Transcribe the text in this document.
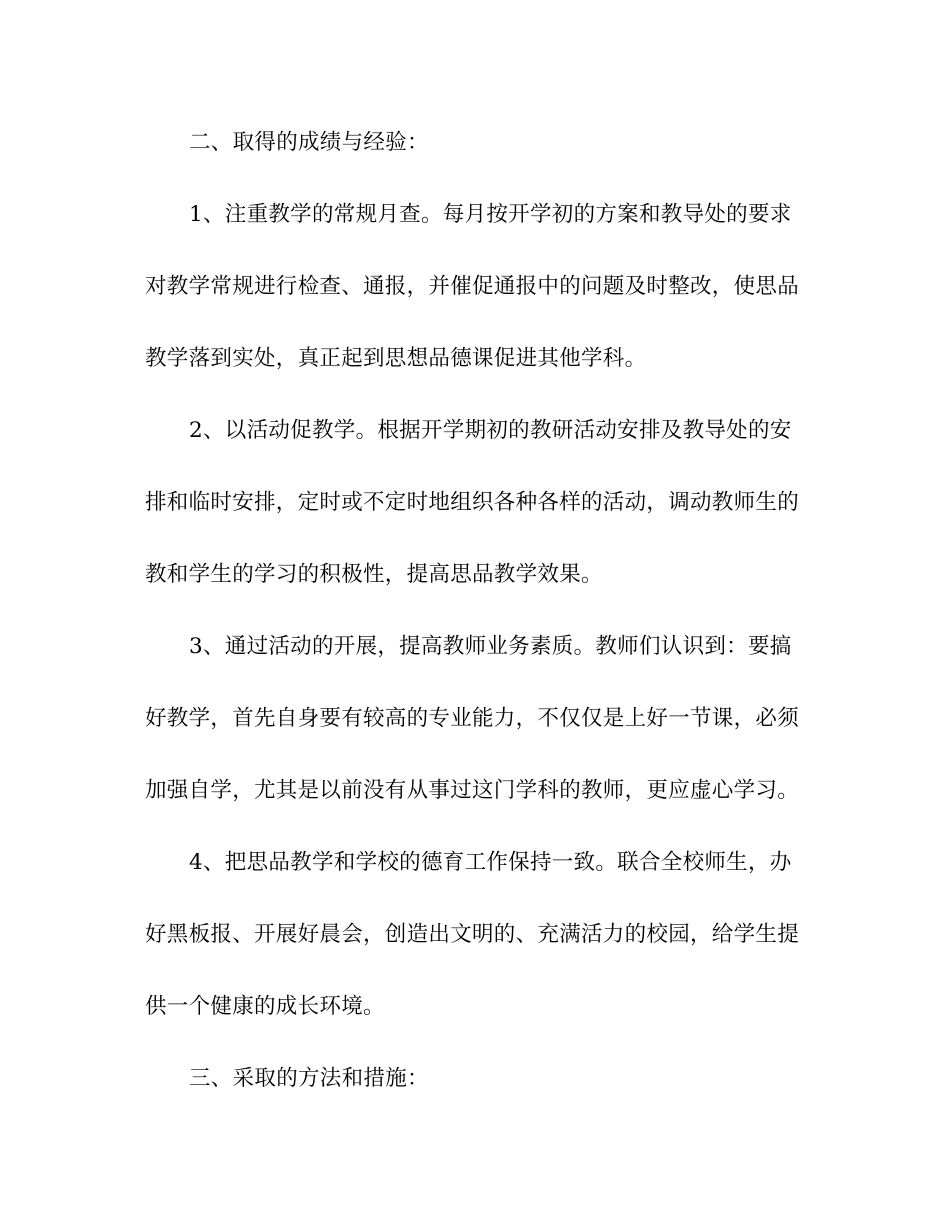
二、取得的成绩与经验：
1、注重教学的常规月查。每月按开学初的方案和教导处的要求
对教学常规进行检查、通报，并催促通报中的问题及时整改，使思品
教学落到实处，真正起到思想品德课促进其他学科。
2、以活动促教学。根据开学期初的教研活动安排及教导处的安
排和临时安排，定时或不定时地组织各种各样的活动，调动教师生的
教和学生的学习的积极性，提高思品教学效果。
3、通过活动的开展，提高教师业务素质。教师们认识到：要搞
好教学，首先自身要有较高的专业能力，不仅仅是上好一节课，必须
加强自学，尤其是以前没有从事过这门学科的教师，更应虚心学习。
4、把思品教学和学校的德育工作保持一致。联合全校师生，办
好黑板报、开展好晨会，创造出文明的、充满活力的校园，给学生提
供一个健康的成长环境。
三、采取的方法和措施：
